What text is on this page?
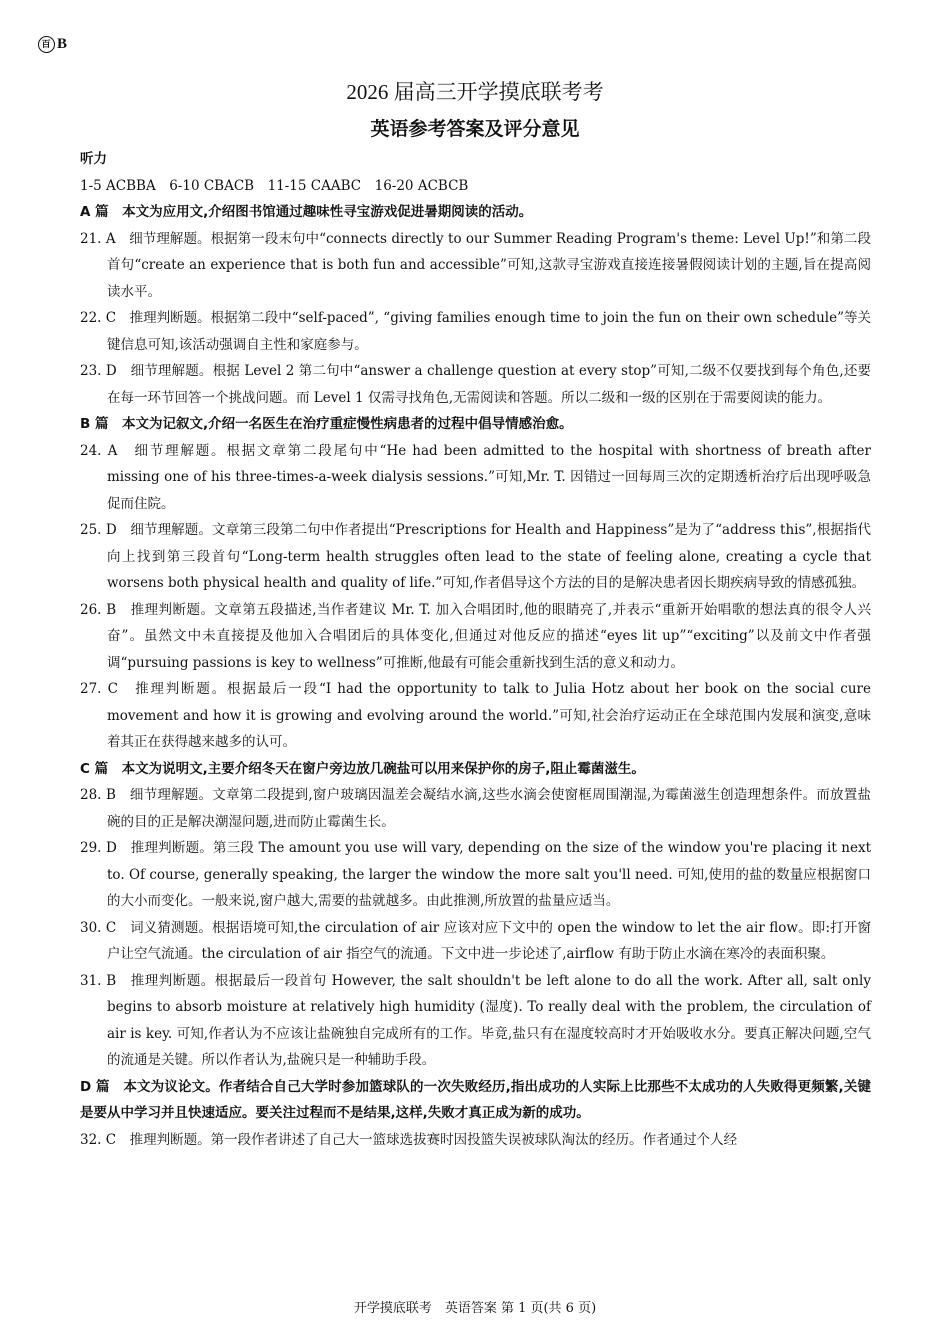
百 B
2026 届高三开学摸底联考考
英语参考答案及评分意见

听力

1-5 ACBBA　6-10 CBACB　11-15 CAABC　16-20 ACBCB

A 篇　本文为应用文,介绍图书馆通过趣味性寻宝游戏促进暑期阅读的活动。

21. A　细节理解题。根据第一段末句中“connects directly to our Summer Reading Program's theme: Level Up!”和第二段首句“create an experience that is both fun and accessible”可知,这款寻宝游戏直接连接暑假阅读计划的主题,旨在提高阅读水平。

22. C　推理判断题。根据第二段中“self-paced”, “giving families enough time to join the fun on their own schedule”等关键信息可知,该活动强调自主性和家庭参与。

23. D　细节理解题。根据 Level 2 第二句中“answer a challenge question at every stop”可知,二级不仅要找到每个角色,还要在每一环节回答一个挑战问题。而 Level 1 仅需寻找角色,无需阅读和答题。所以二级和一级的区别在于需要阅读的能力。

B 篇　本文为记叙文,介绍一名医生在治疗重症慢性病患者的过程中倡导情感治愈。

24. A　细节理解题。根据文章第二段尾句中“He had been admitted to the hospital with shortness of breath after missing one of his three-times-a-week dialysis sessions.”可知,Mr. T. 因错过一回每周三次的定期透析治疗后出现呼吸急促而住院。

25. D　细节理解题。文章第三段第二句中作者提出“Prescriptions for Health and Happiness”是为了“address this”,根据指代向上找到第三段首句“Long-term health struggles often lead to the state of feeling alone, creating a cycle that worsens both physical health and quality of life.”可知,作者倡导这个方法的目的是解决患者因长期疾病导致的情感孤独。

26. B　推理判断题。文章第五段描述,当作者建议 Mr. T. 加入合唱团时,他的眼睛亮了,并表示“重新开始唱歌的想法真的很令人兴奋”。虽然文中未直接提及他加入合唱团后的具体变化,但通过对他反应的描述“eyes lit up”“exciting”以及前文中作者强调“pursuing passions is key to wellness”可推断,他最有可能会重新找到生活的意义和动力。

27. C　推理判断题。根据最后一段“I had the opportunity to talk to Julia Hotz about her book on the social cure movement and how it is growing and evolving around the world.”可知,社会治疗运动正在全球范围内发展和演变,意味着其正在获得越来越多的认可。

C 篇　本文为说明文,主要介绍冬天在窗户旁边放几碗盐可以用来保护你的房子,阻止霉菌滋生。

28. B　细节理解题。文章第二段提到,窗户玻璃因温差会凝结水滴,这些水滴会使窗框周围潮湿,为霉菌滋生创造理想条件。而放置盐碗的目的正是解决潮湿问题,进而防止霉菌生长。

29. D　推理判断题。第三段 The amount you use will vary, depending on the size of the window you're placing it next to. Of course, generally speaking, the larger the window the more salt you'll need. 可知,使用的盐的数量应根据窗口的大小而变化。一般来说,窗户越大,需要的盐就越多。由此推测,所放置的盐量应适当。

30. C　词义猜测题。根据语境可知,the circulation of air 应该对应下文中的 open the window to let the air flow。即:打开窗户让空气流通。the circulation of air 指空气的流通。下文中进一步论述了,airflow 有助于防止水滴在寒冷的表面积聚。

31. B　推理判断题。根据最后一段首句 However, the salt shouldn't be left alone to do all the work. After all, salt only begins to absorb moisture at relatively high humidity (湿度). To really deal with the problem, the circulation of air is key. 可知,作者认为不应该让盐碗独自完成所有的工作。毕竟,盐只有在湿度较高时才开始吸收水分。要真正解决问题,空气的流通是关键。所以作者认为,盐碗只是一种辅助手段。

D 篇　本文为议论文。作者结合自己大学时参加篮球队的一次失败经历,指出成功的人实际上比那些不太成功的人失败得更频繁,关键是要从中学习并且快速适应。要关注过程而不是结果,这样,失败才真正成为新的成功。

32. C　推理判断题。第一段作者讲述了自己大一篮球选拔赛时因投篮失误被球队淘汰的经历。作者通过个人经

开学摸底联考　英语答案 第 1 页(共 6 页)
